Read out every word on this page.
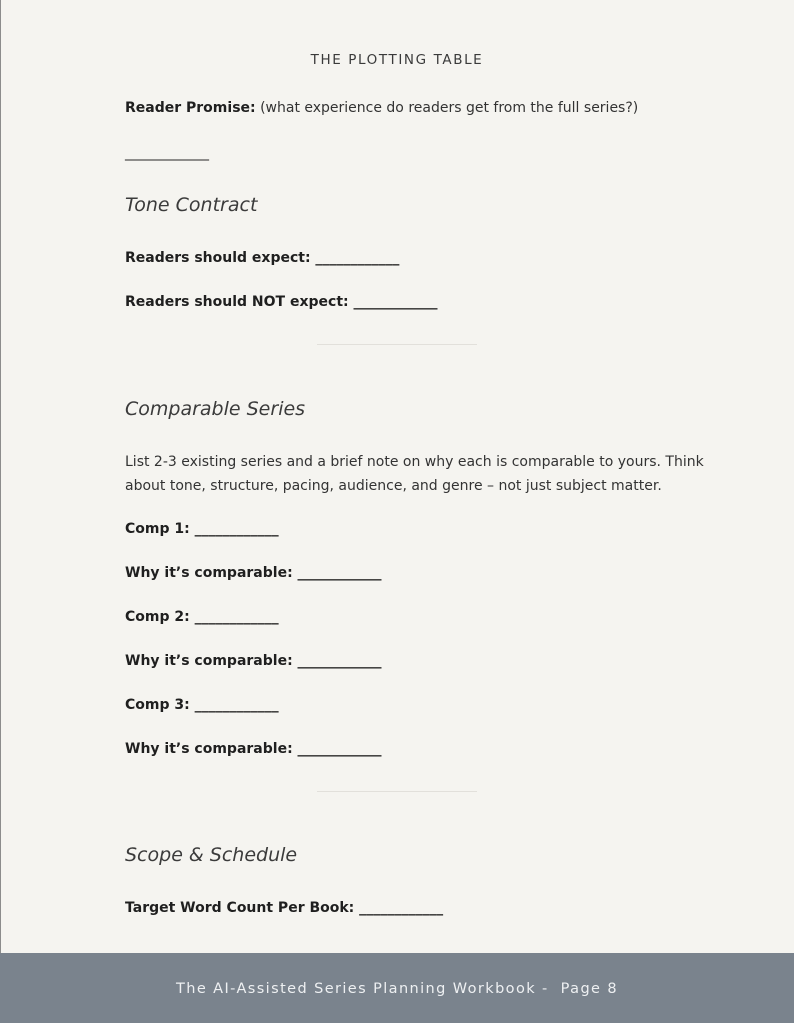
THE PLOTTING TABLE
Reader Promise: (what experience do readers get from the full series?)
____________
Tone Contract
Readers should expect: ____________
Readers should NOT expect: ____________
Comparable Series
List 2-3 existing series and a brief note on why each is comparable to yours. Think
about tone, structure, pacing, audience, and genre – not just subject matter.
Comp 1: ____________
Why it’s comparable: ____________
Comp 2: ____________
Why it’s comparable: ____________
Comp 3: ____________
Why it’s comparable: ____________
Scope & Schedule
Target Word Count Per Book: ____________
The AI-Assisted Series Planning Workbook -  Page 8
